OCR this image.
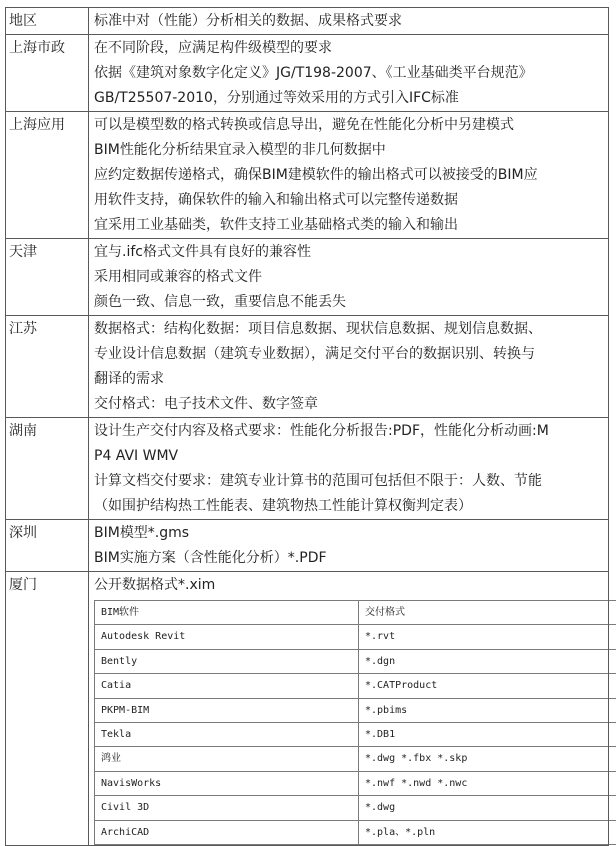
地区	标准中对（性能）分析相关的数据、成果格式要求
上海市政	在不同阶段，应满足构件级模型的要求
依据《建筑对象数字化定义》JG/T198-2007、《工业基础类平台规范》
GB/T25507-2010，分别通过等效采用的方式引入IFC标准

上海应用	可以是模型数的格式转换或信息导出，避免在性能化分析中另建模式
BIM性能化分析结果宜录入模型的非几何数据中
应约定数据传递格式，确保BIM建模软件的输出格式可以被接受的BIM应
用软件支持，确保软件的输入和输出格式可以完整传递数据
宜采用工业基础类，软件支持工业基础格式类的输入和输出

天津	宜与.ifc格式文件具有良好的兼容性
采用相同或兼容的格式文件
颜色一致、信息一致，重要信息不能丢失

江苏	数据格式：结构化数据：项目信息数据、现状信息数据、规划信息数据、
专业设计信息数据（建筑专业数据），满足交付平台的数据识别、转换与
翻译的需求
交付格式：电子技术文件、数字签章

湖南	设计生产交付内容及格式要求：性能化分析报告:PDF，性能化分析动画:M
P4 AVI WMV
计算文档交付要求：建筑专业计算书的范围可包括但不限于：人数、节能
（如围护结构热工性能表、建筑物热工性能计算权衡判定表）

深圳	BIM模型*.gms
BIM实施方案（含性能化分析）*.PDF

厦门	公开数据格式*.xim
BIM软件	交付格式
Autodesk Revit	*.rvt
Bently	*.dgn
Catia	*.CATProduct
PKPM-BIM	*.pbims
Tekla	*.DB1
鸿业	*.dwg *.fbx *.skp
NavisWorks	*.nwf *.nwd *.nwc
Civil 3D	*.dwg
ArchiCAD	*.pla、*.pln
